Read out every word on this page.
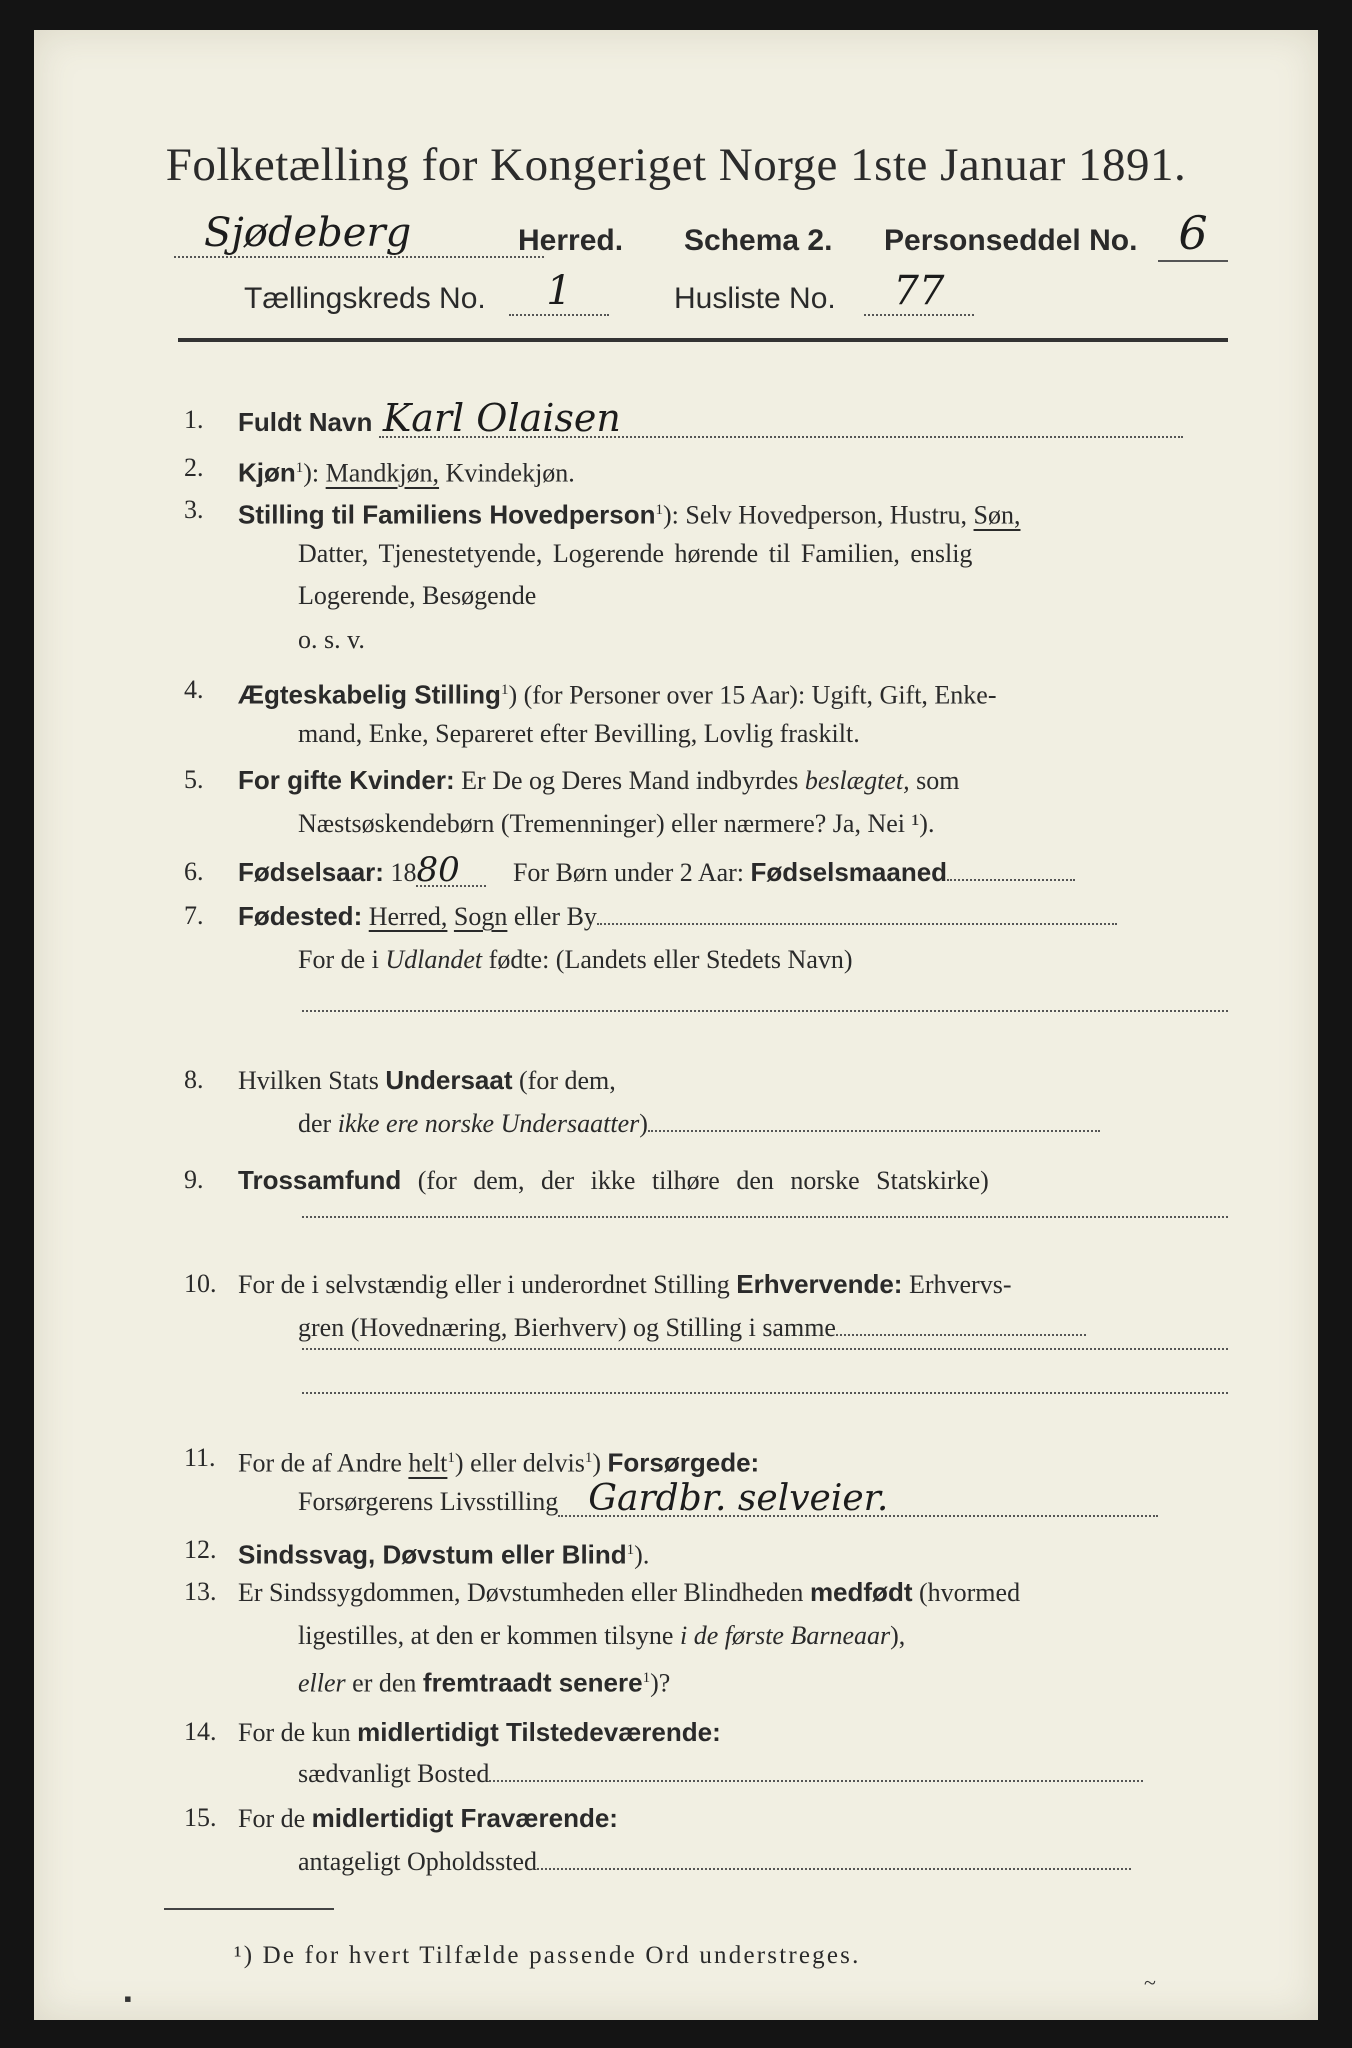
Folketælling for Kongeriget Norge 1ste Januar 1891.
Sjødeberg	Herred. Schema 2. Personseddel No. 6
Tællingskreds No.	1	Husliste No.	77
1.	Fuldt Navn Karl Olaisen
2.	Kjøn$^1$): Mandkjøn, Kvindekjøn.
3.	Stilling til Familiens Hovedperson$^1$): Selv Hovedperson, Hustru, Søn,
Datter, Tjenestetyende, Logerende hørende til Familien, enslig
Logerende, Besøgende
o. s. v.
4.	Ægteskabelig Stilling$^1$) (for Personer over 15 Aar): Ugift, Gift, Enke-
mand, Enke, Separeret efter Bevilling, Lovlig fraskilt.
5.	For gifte Kvinder: Er De og Deres Mand indbyrdes beslægtet, som
Næstsøskendebørn (Tremenninger) eller nærmere? Ja, Nei ¹).
6.	Fødselsaar: 1880 For Børn under 2 Aar: Fødselsmaaned
7.	Fødested: Herred, Sogn eller By
For de i Udlandet fødte: (Landets eller Stedets Navn)
8.	Hvilken Stats Undersaat (for dem,
der ikke ere norske Undersaatter)
9.	Trossamfund (for dem, der ikke tilhøre den norske Statskirke)
10. For de i selvstændig eller i underordnet Stilling Erhvervende: Erhvervs-
gren (Hovednæring, Bierhverv) og Stilling i samme
11. For de af Andre helt$^1$) eller delvis$^1$) Forsørgede:
Forsørgerens Livsstilling Gardbr. selveier.
12. Sindssvag, Døvstum eller Blind$^1$).
13. Er Sindssygdommen, Døvstumheden eller Blindheden medfødt (hvormed
ligestilles, at den er kommen tilsyne i de første Barneaar),
eller er den fremtraadt senere$^1$)?
14. For de kun midlertidigt Tilstedeværende:
sædvanligt Bosted
¹) De for hvert Tilfælde passende Ord understreges.
▪
~
15. For de midlertidigt Fraværende:
antageligt Opholdssted
